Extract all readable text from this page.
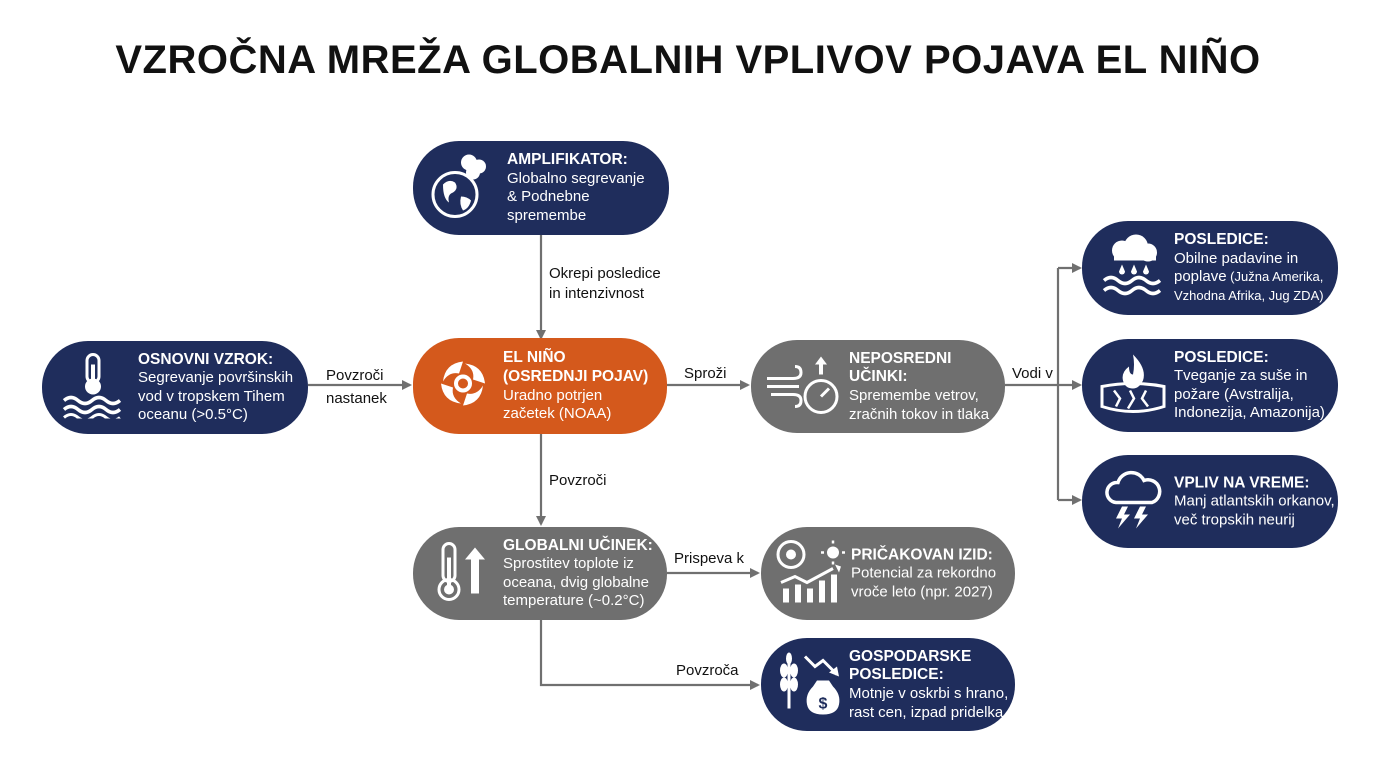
VZROČNA MREŽA GLOBALNIH VPLIVOV POJAVA EL NIÑO
Okrepi posledice
in intenzivnost
Povzroči
nastanek
Sproži	Vodi v
Povzroči
Prispeva k
Povzroča
AMPLIFIKATOR:
Globalno segrevanje
& Podnebne
spremembe
OSNOVNI VZROK:
Segrevanje površinskih
vod v tropskem Tihem
oceanu (>0.5°C)
EL NIÑO
(OSREDNJI POJAV)
Uradno potrjen
začetek (NOAA)
NEPOSREDNI
UČINKI:
Spremembe vetrov,
zračnih tokov in tlaka
POSLEDICE:
Obilne padavine in
poplave (Južna Amerika,
Vzhodna Afrika, Jug ZDA)
POSLEDICE:
Tveganje za suše in
požare (Avstralija,
Indonezija, Amazonija)
VPLIV NA VREME:
Manj atlantskih orkanov,
več tropskih neurij
GLOBALNI UČINEK:
Sprostitev toplote iz
oceana, dvig globalne
temperature (~0.2°C)
PRIČAKOVAN IZID:
Potencial za rekordno
vroče leto (npr. 2027)
$
GOSPODARSKE
POSLEDICE:
Motnje v oskrbi s hrano,
rast cen, izpad pridelka
